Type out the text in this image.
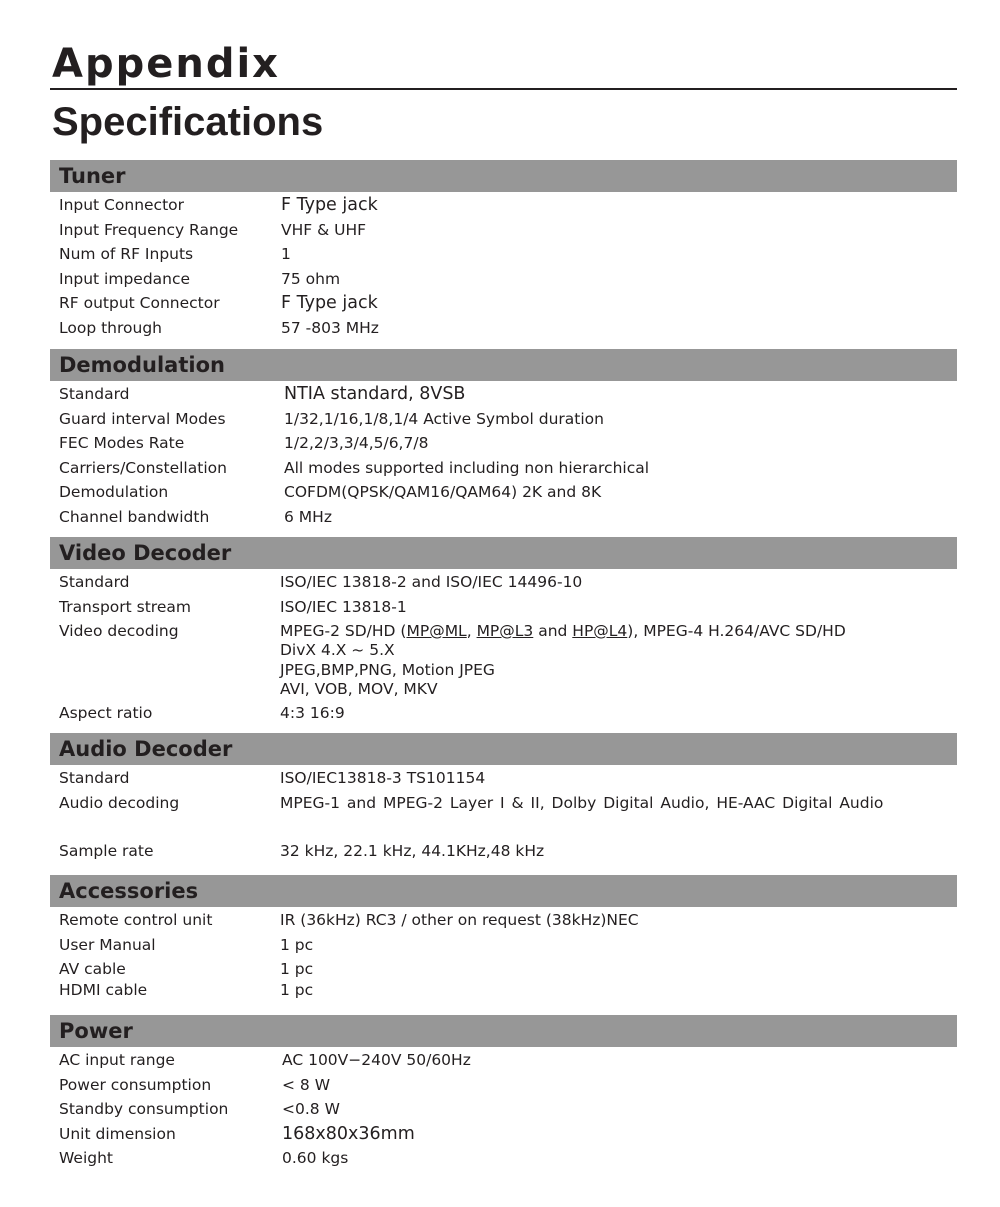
Appendix
Specifications
Tuner
Input Connector	F Type jack
Input Frequency Range	VHF & UHF
Num of RF Inputs	1
Input impedance	75 ohm
RF output Connector	F Type jack
Loop through	57 -803 MHz
Demodulation
Standard	NTIA standard, 8VSB
Guard interval Modes	1/32,1/16,1/8,1/4 Active Symbol duration
FEC Modes Rate	1/2,2/3,3/4,5/6,7/8
Carriers/Constellation	All modes supported including non hierarchical
Demodulation	COFDM(QPSK/QAM16/QAM64) 2K and 8K
Channel bandwidth	6 MHz
Video Decoder
Standard	ISO/IEC 13818-2 and ISO/IEC 14496-10
Transport stream	ISO/IEC 13818-1
Video decoding	MPEG-2 SD/HD (MP@ML, MP@L3 and HP@L4), MPEG-4 H.264/AVC SD/HD
DivX 4.X ~ 5.X
JPEG,BMP,PNG, Motion JPEG
AVI, VOB, MOV, MKV
Aspect ratio	4:3 16:9
Audio Decoder
Standard	ISO/IEC13818-3 TS101154
Audio decoding	MPEG-1 and MPEG-2 Layer I & II, Dolby Digital Audio, HE-AAC Digital Audio
Sample rate	32 kHz, 22.1 kHz, 44.1KHz,48 kHz
Accessories
Remote control unit	IR (36kHz) RC3 / other on request (38kHz)NEC
User Manual	1 pc
AV cable	1 pc
HDMI cable	1 pc
Power
AC input range	AC 100V−240V 50/60Hz
Power consumption	< 8 W
Standby consumption	<0.8 W
Unit dimension	168x80x36mm
Weight	0.60 kgs
